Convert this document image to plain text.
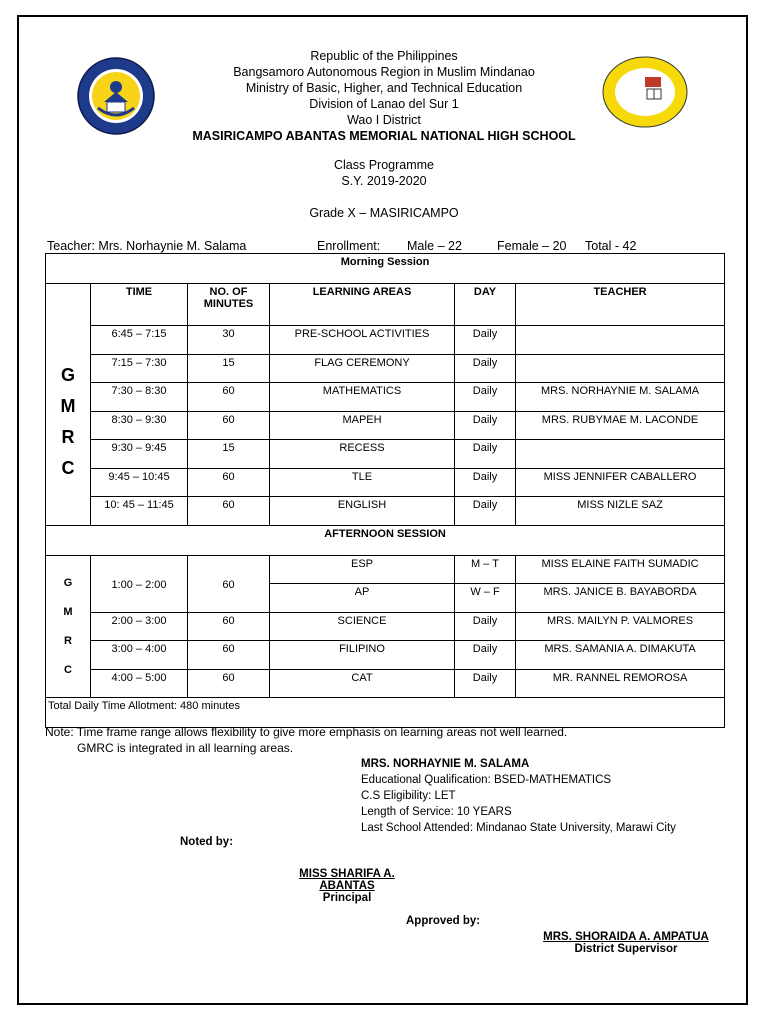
Republic of the Philippines
Bangsamoro Autonomous Region in Muslim Mindanao
Ministry of Basic, Higher, and Technical Education
Division of Lanao del Sur 1
Wao I District
MASIRICAMPO ABANTAS MEMORIAL NATIONAL HIGH SCHOOL
Class Programme
S.Y. 2019-2020
Grade X – MASIRICAMPO
Teacher: Mrs. Norhaynie M. Salama	Enrollment: Male – 22	Female – 20 Total - 42
Morning Session					

G
M
R
C	TIME	NO. OF MINUTES	LEARNING AREAS	DAY	TEACHER
	6:45 – 7:15	30	PRE-SCHOOL ACTIVITIES	Daily	
	7:15 – 7:30	15	FLAG CEREMONY	Daily	
	7:30 – 8:30	60	MATHEMATICS	Daily	MRS. NORHAYNIE M. SALAMA
	8:30 – 9:30	60	MAPEH	Daily	MRS. RUBYMAE M. LACONDE
	9:30 – 9:45	15	RECESS	Daily	
	9:45 – 10:45	60	TLE	Daily	MISS JENNIFER CABALLERO
	10: 45 – 11:45	60	ENGLISH	Daily	MISS NIZLE SAZ
AFTERNOON SESSION					

G
M
R
C	1:00 – 2:00	60	ESP	M – T	MISS ELAINE FAITH SUMADIC
			AP	W – F	MRS. JANICE B. BAYABORDA
	2:00 – 3:00	60	SCIENCE	Daily	MRS. MAILYN P. VALMORES
	3:00 – 4:00	60	FILIPINO	Daily	MRS. SAMANIA A. DIMAKUTA
	4:00 – 5:00	60	CAT	Daily	MR. RANNEL REMOROSA
Total Daily Time Allotment: 480 minutes					
Note: Time frame range allows flexibility to give more emphasis on learning areas not well learned.
GMRC is integrated in all learning areas.
MRS. NORHAYNIE M. SALAMA
Educational Qualification: BSED-MATHEMATICS
C.S Eligibility: LET
Length of Service: 10 YEARS
Last School Attended: Mindanao State University, Marawi City
Noted by:
MISS SHARIFA A. ABANTAS
Principal
Approved by:
MRS. SHORAIDA A. AMPATUA
District Supervisor
